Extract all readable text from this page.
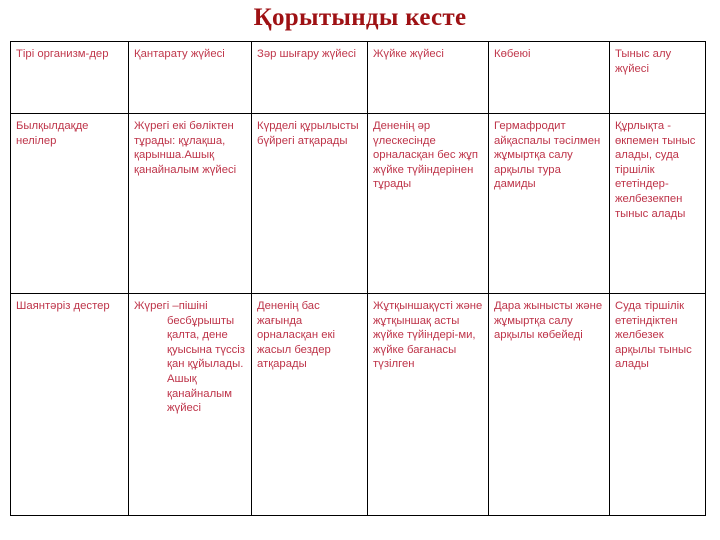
Қорытынды кесте
Тірі организм-дер	Қантарату жүйесі	Зәр шығару жүйесі	Жүйке жүйесі	Көбеюі	Тыныс алу жүйесі

Былқылдақде нелілер	Жүрегі екі бөліктен тұрады: құлақша, қарынша.Ашық қанайналым жүйесі	Күрделі құрылысты бүйрегі атқарады	Дененің әр үлескесінде орналасқан бес жұп жүйке түйіндерінен тұрады	Гермафродит  айқаспалы тәсілмен жұмыртқа салу арқылы тура дамиды	Құрлықта - өкпемен тыныс алады, суда тіршілік ететіндер-желбезекпен тыныс алады

Шаянтәріз дестер	Жүрегі –пішіні бесбұрышты қалта, дене қуысына түссіз қан құйылады. Ашық қанайналым жүйесі	Дененің бас жағында орналасқан екі жасыл бездер атқарады	Жұтқыншақүсті және жұтқыншақ асты жүйке түйіндері-ми, жүйке бағанасы түзілген	Дара жынысты және жұмыртқа салу арқылы көбейеді	Суда тіршілік ететіндіктен желбезек арқылы тыныс алады
